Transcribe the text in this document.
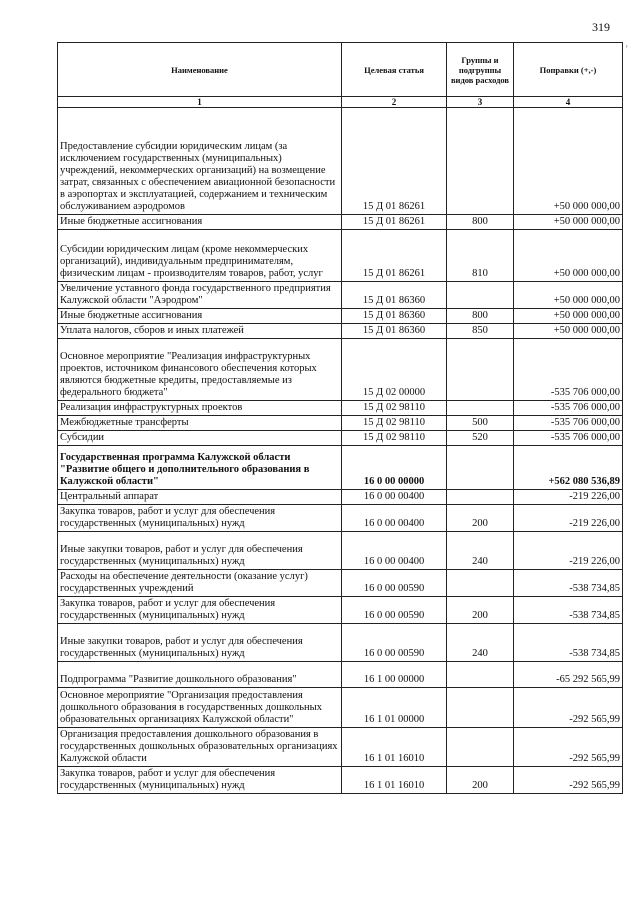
319
'
Наименование	Целевая статья	Группы и подгруппы видов расходов	Поправки (+,-)
1	2	3	4
Предоставление субсидии юридическим лицам (за исключением государственных (муниципальных) учреждений, некоммерческих организаций) на возмещение затрат, связанных с обеспечением авиационной безопасности в аэропортах и эксплуатацией, содержанием и техническим обслуживанием аэродромов	15 Д 01 86261		+50 000 000,00
Иные бюджетные ассигнования	15 Д 01 86261	800	+50 000 000,00
Субсидии юридическим лицам (кроме некоммерческих организаций), индивидуальным предпринимателям, физическим лицам - производителям товаров, работ, услуг	15 Д 01 86261	810	+50 000 000,00
Увеличение уставного фонда государственного предприятия Калужской области "Аэродром"	15 Д 01 86360		+50 000 000,00
Иные бюджетные ассигнования	15 Д 01 86360	800	+50 000 000,00
Уплата налогов, сборов и иных платежей	15 Д 01 86360	850	+50 000 000,00
Основное мероприятие "Реализация инфраструктурных проектов, источником финансового обеспечения которых являются бюджетные кредиты, предоставляемые из федерального бюджета"	15 Д 02 00000		-535 706 000,00
Реализация инфраструктурных проектов	15 Д 02 98110		-535 706 000,00
Межбюджетные трансферты	15 Д 02 98110	500	-535 706 000,00
Субсидии	15 Д 02 98110	520	-535 706 000,00
Государственная программа Калужской области "Развитие общего и дополнительного образования в Калужской области"	16 0 00 00000		+562 080 536,89
Центральный аппарат	16 0 00 00400		-219 226,00
Закупка товаров, работ и услуг для обеспечения государственных (муниципальных) нужд	16 0 00 00400	200	-219 226,00
Иные закупки товаров, работ и услуг для обеспечения государственных (муниципальных) нужд	16 0 00 00400	240	-219 226,00
Расходы на обеспечение деятельности (оказание услуг) государственных учреждений	16 0 00 00590		-538 734,85
Закупка товаров, работ и услуг для обеспечения государственных (муниципальных) нужд	16 0 00 00590	200	-538 734,85
Иные закупки товаров, работ и услуг для обеспечения государственных (муниципальных) нужд	16 0 00 00590	240	-538 734,85
Подпрограмма "Развитие дошкольного образования"	16 1 00 00000		-65 292 565,99
Основное мероприятие "Организация предоставления дошкольного образования в государственных дошкольных образовательных организациях Калужской области"	16 1 01 00000		-292 565,99
Организация предоставления дошкольного образования в государственных дошкольных образовательных организациях Калужской области	16 1 01 16010		-292 565,99
Закупка товаров, работ и услуг для обеспечения государственных (муниципальных) нужд	16 1 01 16010	200	-292 565,99
